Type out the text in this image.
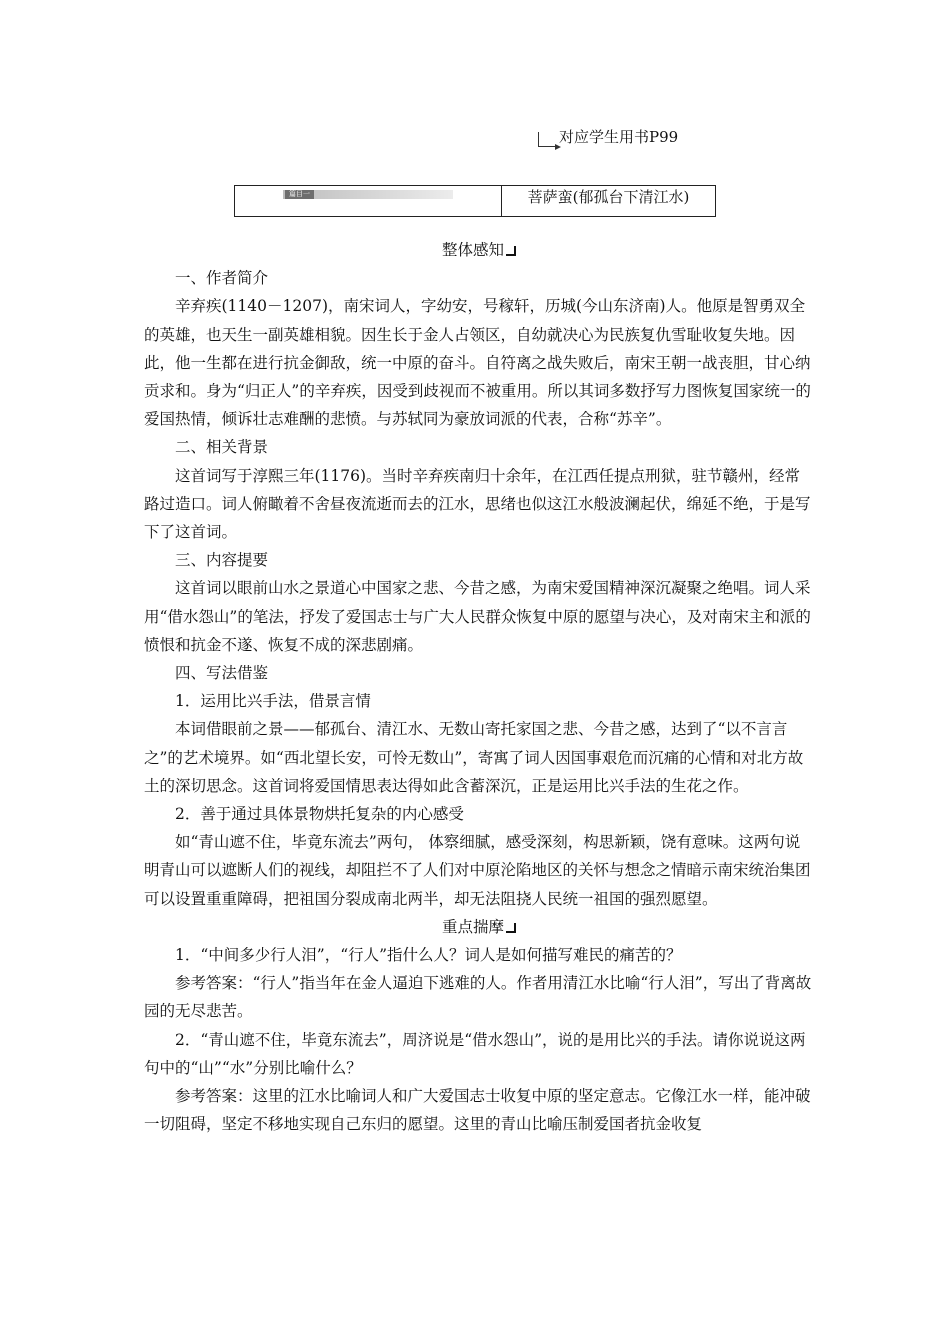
对应学生用书P99
篇目一	菩萨蛮(郁孤台下清江水)

整体感知

一、作者简介

辛弃疾(1140－1207)，南宋词人，字幼安，号稼轩，历城(今山东济南)人。他原是智勇双全的英雄，也天生一副英雄相貌。因生长于金人占领区，自幼就决心为民族复仇雪耻收复失地。因此，他一生都在进行抗金御敌，统一中原的奋斗。自符离之战失败后，南宋王朝一战丧胆，甘心纳贡求和。身为“归正人”的辛弃疾，因受到歧视而不被重用。所以其词多数抒写力图恢复国家统一的爱国热情，倾诉壮志难酬的悲愤。与苏轼同为豪放词派的代表，合称“苏辛”。

二、相关背景

这首词写于淳熙三年(1176)。当时辛弃疾南归十余年，在江西任提点刑狱，驻节赣州，经常路过造口。词人俯瞰着不舍昼夜流逝而去的江水，思绪也似这江水般波澜起伏，绵延不绝，于是写下了这首词。

三、内容提要

这首词以眼前山水之景道心中国家之悲、今昔之感，为南宋爱国精神深沉凝聚之绝唱。词人采用“借水怨山”的笔法，抒发了爱国志士与广大人民群众恢复中原的愿望与决心，及对南宋主和派的愤恨和抗金不遂、恢复不成的深悲剧痛。

四、写法借鉴

1．运用比兴手法，借景言情

本词借眼前之景——郁孤台、清江水、无数山寄托家国之悲、今昔之感，达到了“以不言言之”的艺术境界。如“西北望长安，可怜无数山”，寄寓了词人因国事艰危而沉痛的心情和对北方故土的深切思念。这首词将爱国情思表达得如此含蓄深沉，正是运用比兴手法的生花之作。

2．善于通过具体景物烘托复杂的内心感受

如“青山遮不住，毕竟东流去”两句， 体察细腻，感受深刻，构思新颖，饶有意味。这两句说明青山可以遮断人们的视线，却阻拦不了人们对中原沦陷地区的关怀与想念之情暗示南宋统治集团可以设置重重障碍，把祖国分裂成南北两半，却无法阻挠人民统一祖国的强烈愿望。

重点揣摩

1．“中间多少行人泪”，“行人”指什么人？词人是如何描写难民的痛苦的？

参考答案：“行人”指当年在金人逼迫下逃难的人。作者用清江水比喻“行人泪”，写出了背离故园的无尽悲苦。

2．“青山遮不住，毕竟东流去”，周济说是“借水怨山”，说的是用比兴的手法。请你说说这两句中的“山”“水”分别比喻什么？

参考答案：这里的江水比喻词人和广大爱国志士收复中原的坚定意志。它像江水一样，能冲破一切阻碍，坚定不移地实现自己东归的愿望。这里的青山比喻压制爱国者抗金收复
